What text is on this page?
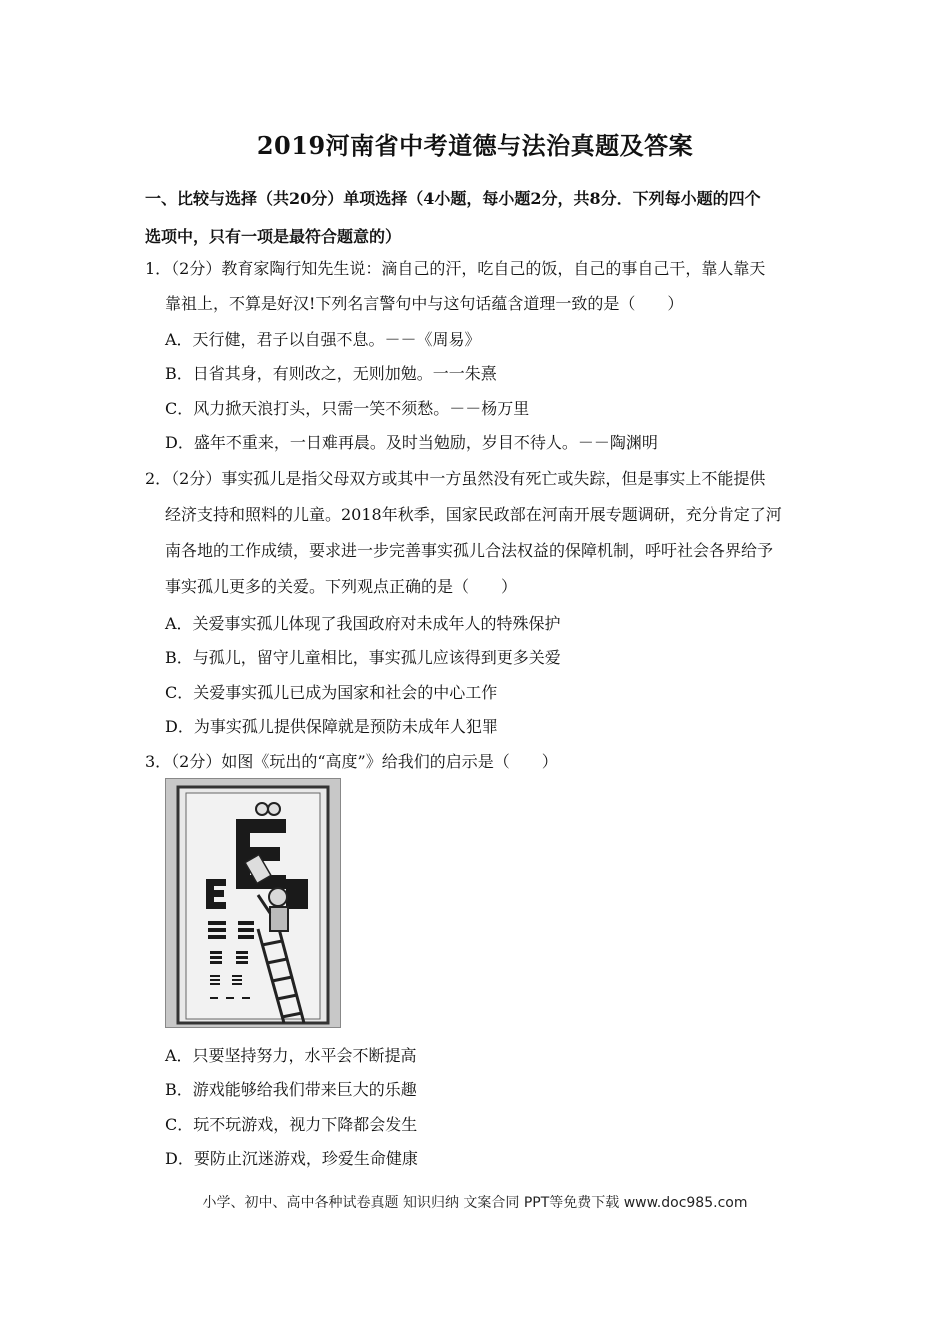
2019河南省中考道德与法治真题及答案
一、比较与选择（共20分）单项选择（4小题，每小题2分，共8分．下列每小题的四个
选项中，只有一项是最符合题意的）
1．（2分）教育家陶行知先生说：滴自己的汗，吃自己的饭，自己的事自己干，靠人靠天
靠祖上，不算是好汉!下列名言警句中与这句话蕴含道理一致的是（　　）
A．天行健，君子以自强不息。－－《周易》
B．日省其身，有则改之，无则加勉。一一朱熹
C．风力掀天浪打头，只需一笑不须愁。－－杨万里
D．盛年不重来，一日难再晨。及时当勉励，岁目不待人。－－陶渊明
2．（2分）事实孤儿是指父母双方或其中一方虽然没有死亡或失踪，但是事实上不能提供
经济支持和照料的儿童。2018年秋季，国家民政部在河南开展专题调研，充分肯定了河
南各地的工作成绩，要求进一步完善事实孤儿合法权益的保障机制，呼吁社会各界给予
事实孤儿更多的关爱。下列观点正确的是（　　）
A．关爱事实孤儿体现了我国政府对未成年人的特殊保护
B．与孤儿，留守儿童相比，事实孤儿应该得到更多关爱
C．关爱事实孤儿已成为国家和社会的中心工作
D．为事实孤儿提供保障就是预防未成年人犯罪
3．（2分）如图《玩出的“高度”》给我们的启示是（　　）
A．只要坚持努力，水平会不断提高
B．游戏能够给我们带来巨大的乐趣
C．玩不玩游戏，视力下降都会发生
D．要防止沉迷游戏，珍爱生命健康
小学、初中、高中各种试卷真题 知识归纳 文案合同 PPT等免费下载 www.doc985.com
